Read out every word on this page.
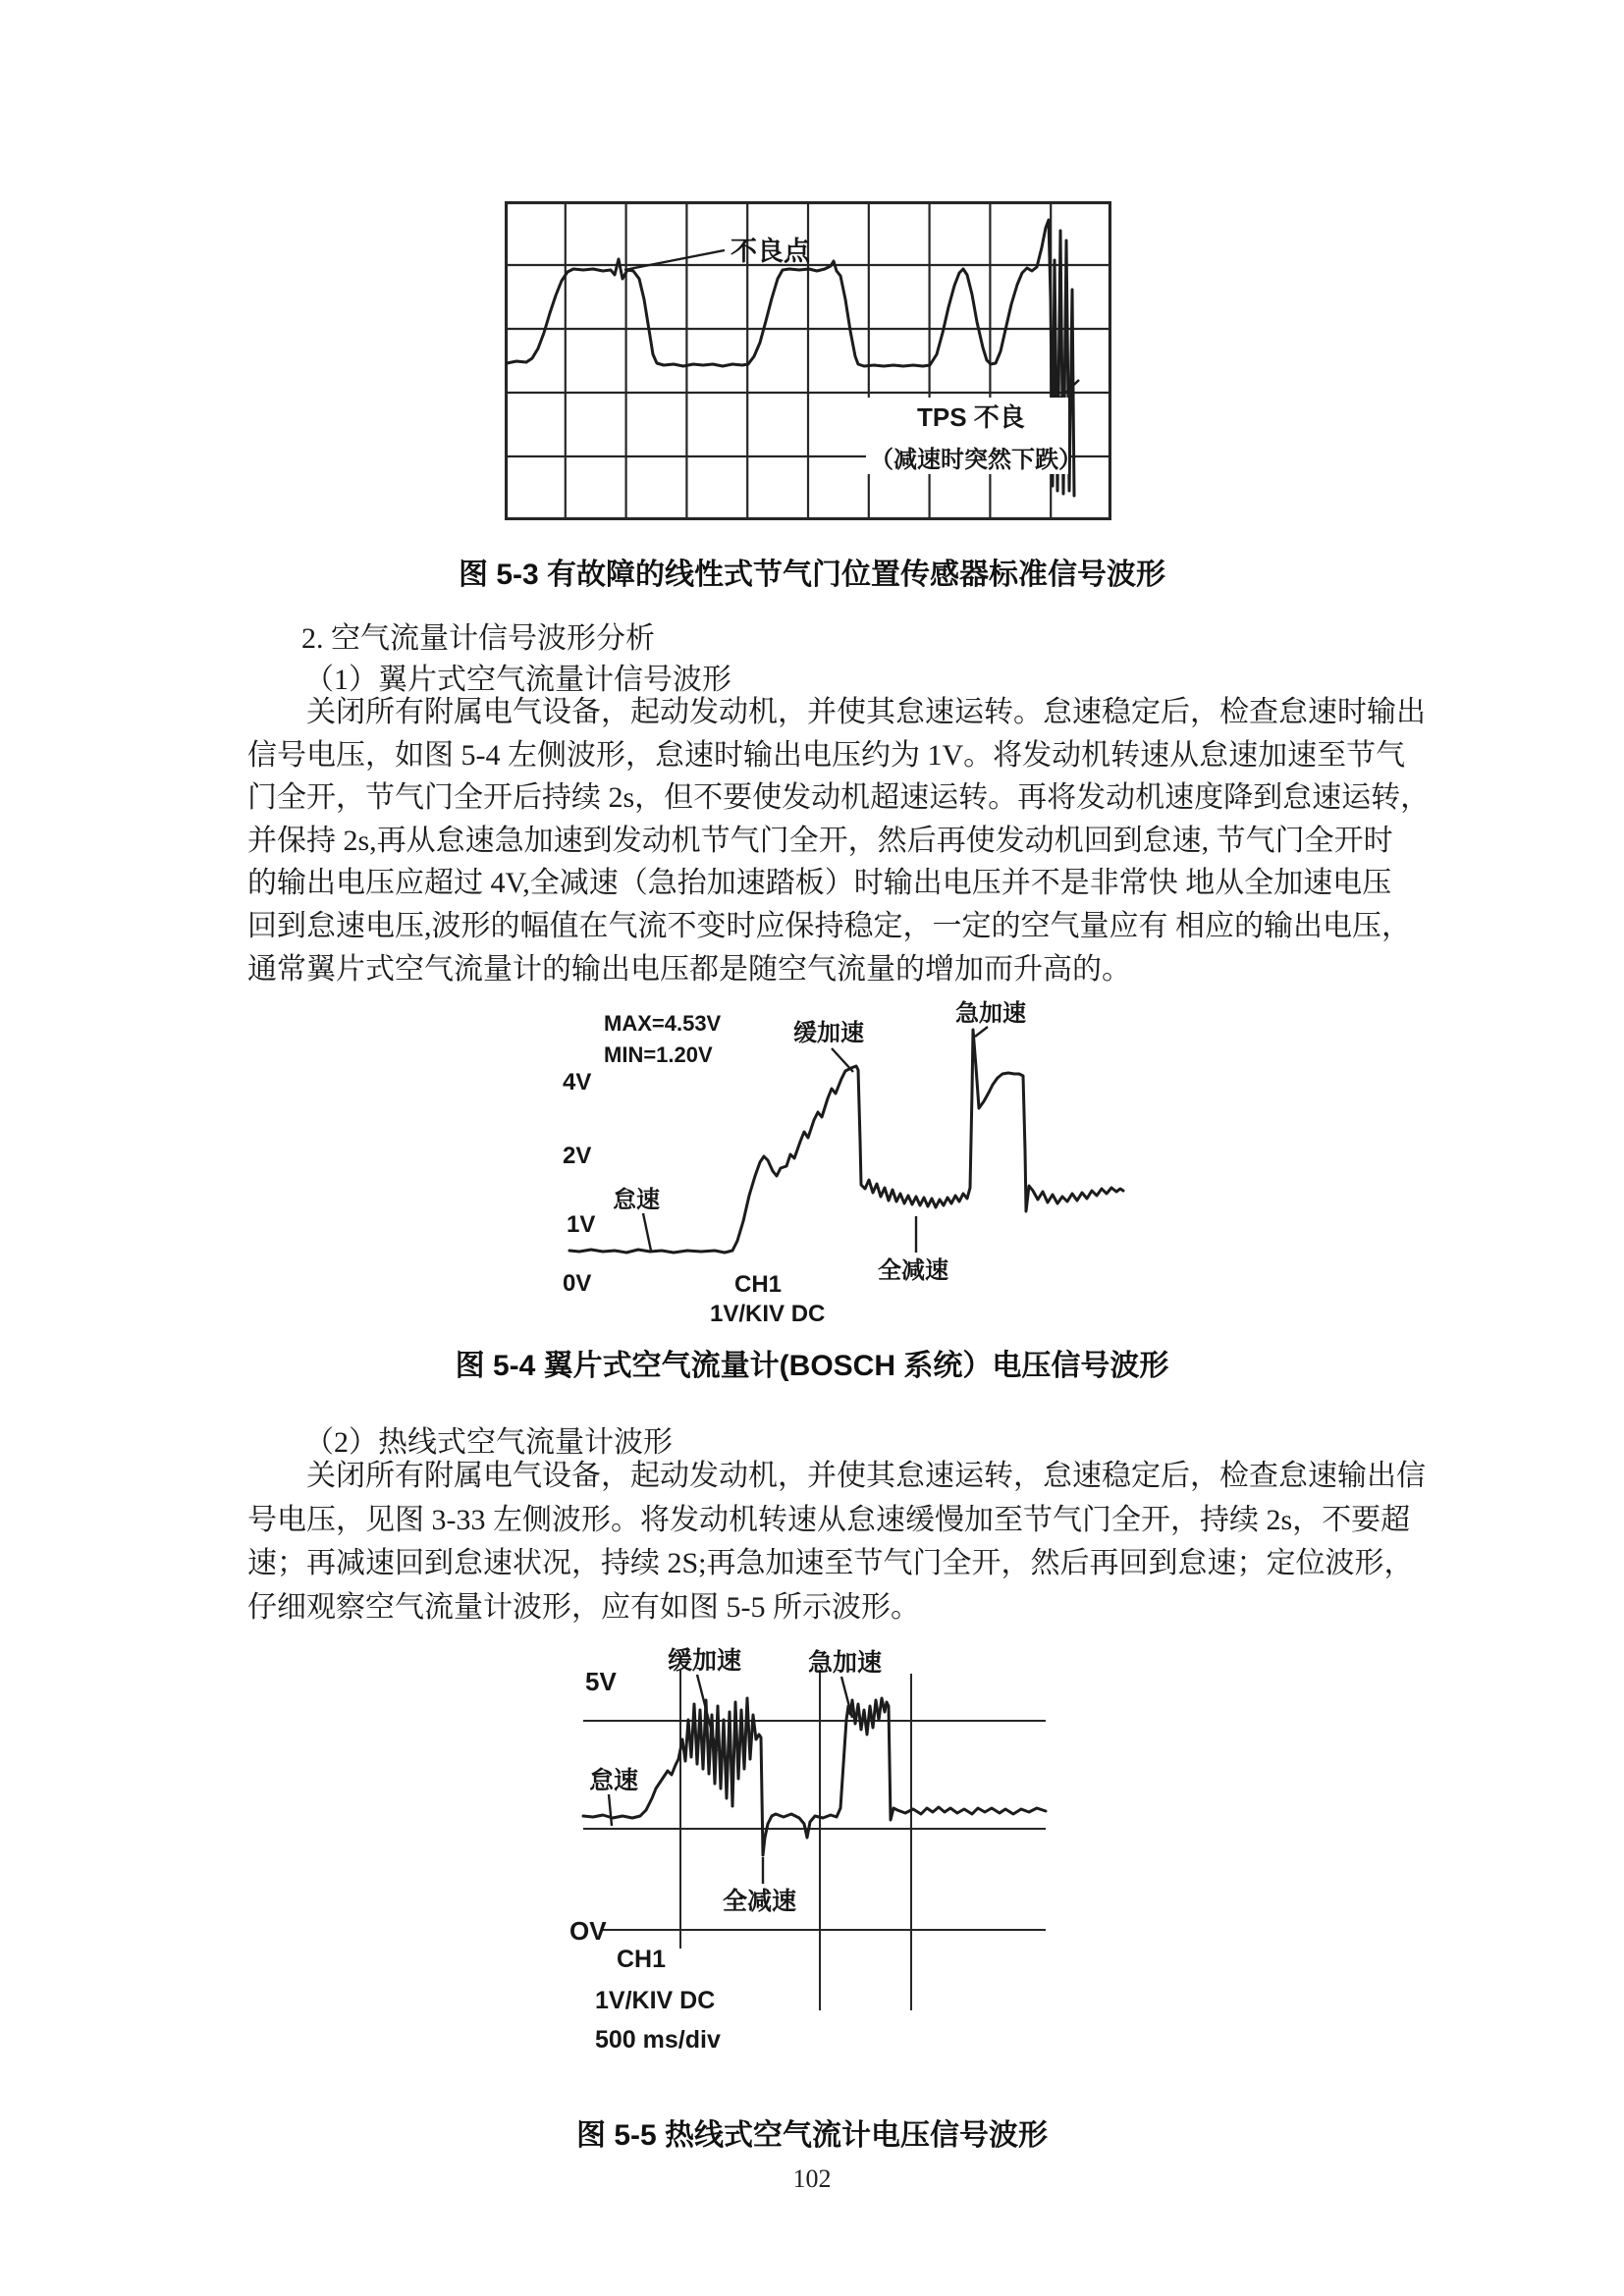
不良点
TPS 不良
（减速时突然下跌）
图 5-3 有故障的线性式节气门位置传感器标准信号波形
2. 空气流量计信号波形分析
（1）翼片式空气流量计信号波形
关闭所有附属电气设备，起动发动机，并使其怠速运转。怠速稳定后，检查怠速时输出
信号电压，如图 5-4 左侧波形，怠速时输出电压约为 1V。将发动机转速从怠速加速至节气
门全开，节气门全开后持续 2s，但不要使发动机超速运转。再将发动机速度降到怠速运转，
并保持 2s,再从怠速急加速到发动机节气门全开，然后再使发动机回到怠速, 节气门全开时
的输出电压应超过 4V,全减速（急抬加速踏板）时输出电压并不是非常快 地从全加速电压
回到怠速电压,波形的幅值在气流不变时应保持稳定，一定的空气量应有 相应的输出电压，
通常翼片式空气流量计的输出电压都是随空气流量的增加而升高的。
MAX=4.53V
MIN=1.20V
4V
2V
1V
0V
怠速
缓加速
急加速
全减速
CH1
1V/KIV DC
图 5-4 翼片式空气流量计(BOSCH 系统）电压信号波形
（2）热线式空气流量计波形
关闭所有附属电气设备，起动发动机，并使其怠速运转，怠速稳定后，检查怠速输出信
号电压，见图 3-33 左侧波形。将发动机转速从怠速缓慢加至节气门全开，持续 2s，不要超
速；再减速回到怠速状况，持续 2S;再急加速至节气门全开，然后再回到怠速；定位波形，
仔细观察空气流量计波形，应有如图 5-5 所示波形。
5V
缓加速	急加速
怠速
全减速
OV
CH1
1V/KIV DC
500 ms/div
图 5-5 热线式空气流计电压信号波形
102
